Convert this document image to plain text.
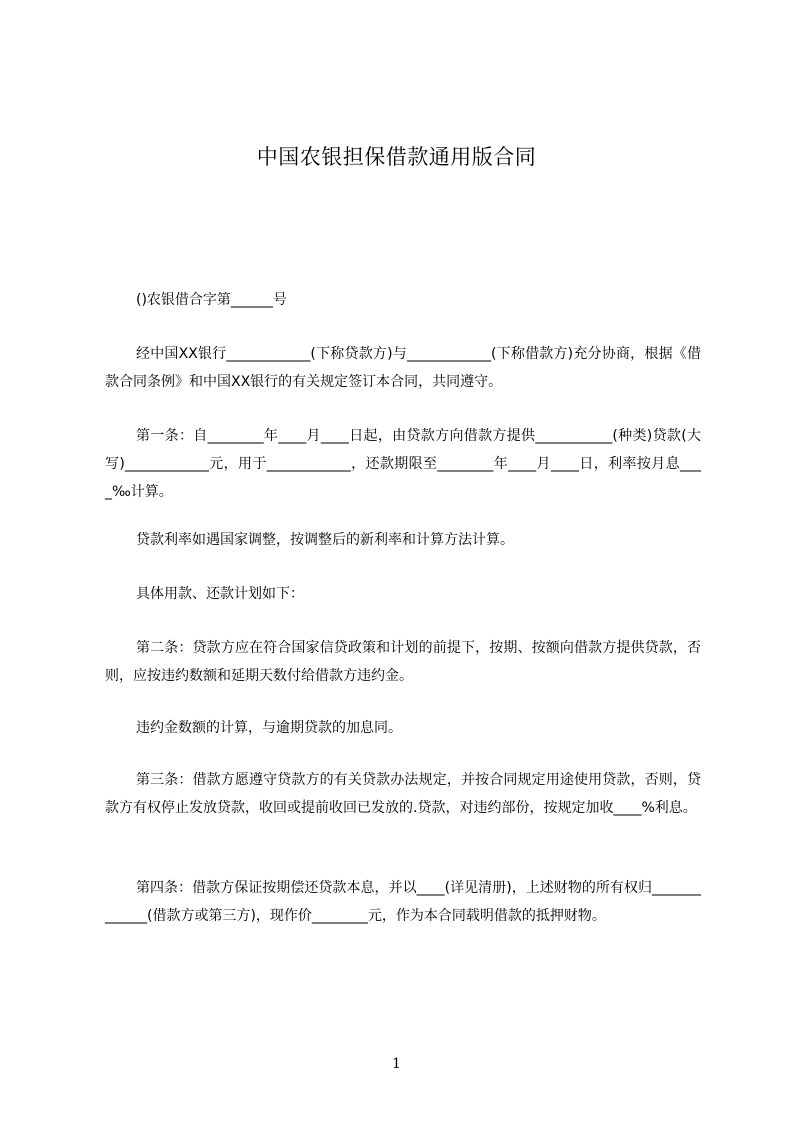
中国农银担保借款通用版合同
()农银借合字第______号
经中国XX银行____________(下称贷款方)与____________(下称借款方)充分协商，根据《借款合同条例》和中国XX银行的有关规定签订本合同，共同遵守。
第一条：自________年____月____日起，由贷款方向借款方提供___________(种类)贷款(大写)____________元，用于____________，还款期限至________年____月____日，利率按月息____‰计算。
贷款利率如遇国家调整，按调整后的新利率和计算方法计算。
具体用款、还款计划如下：
第二条：贷款方应在符合国家信贷政策和计划的前提下，按期、按额向借款方提供贷款，否则，应按违约数额和延期天数付给借款方违约金。
违约金数额的计算，与逾期贷款的加息同。
第三条：借款方愿遵守贷款方的有关贷款办法规定，并按合同规定用途使用贷款，否则，贷款方有权停止发放贷款，收回或提前收回已发放的.贷款，对违约部份，按规定加收____%利息。
第四条：借款方保证按期偿还贷款本息，并以____(详见清册)，上述财物的所有权归_____________(借款方或第三方)，现作价________元，作为本合同载明借款的抵押财物。
1
